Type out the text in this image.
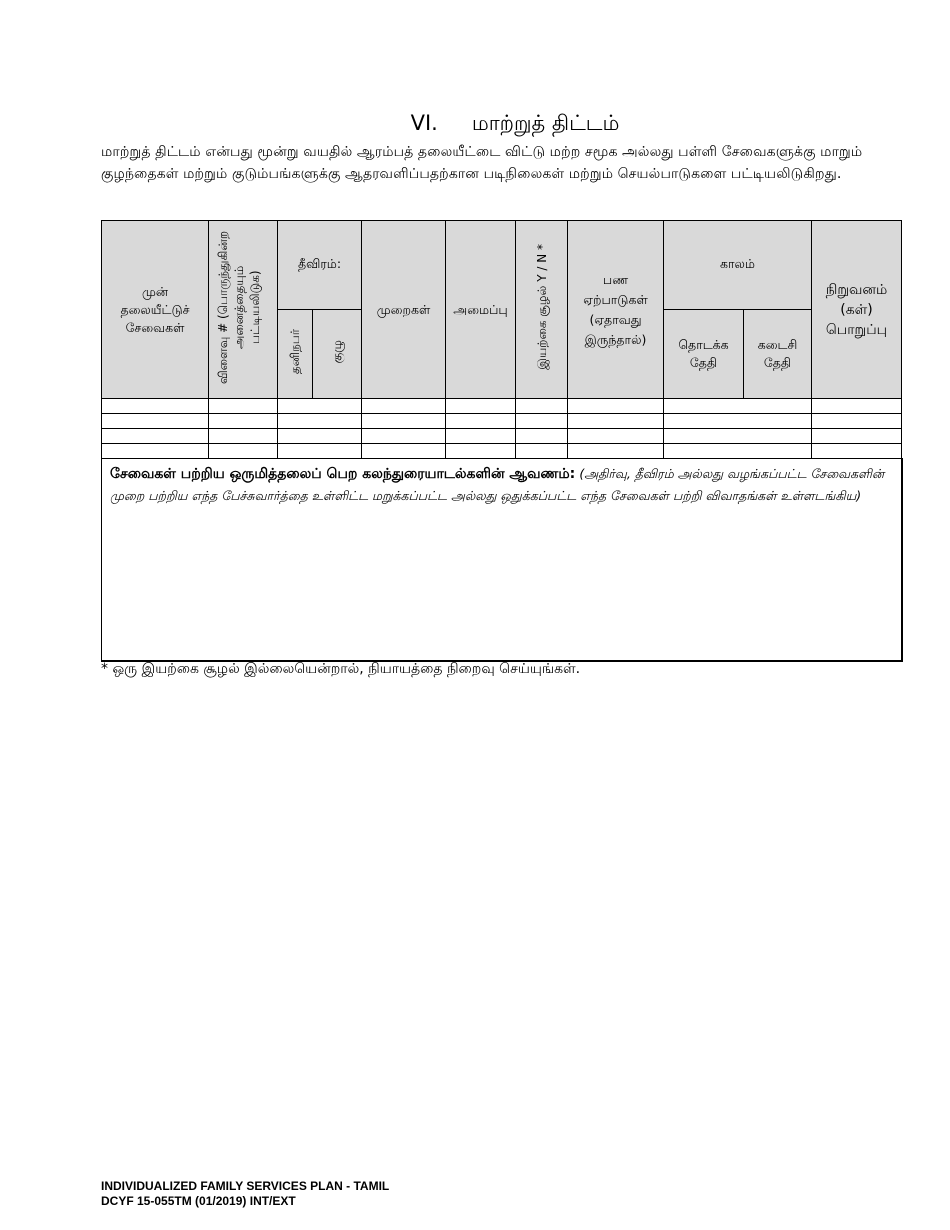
VI. மாற்றுத் திட்டம்
மாற்றுத் திட்டம் என்பது மூன்று வயதில் ஆரம்பத் தலையீட்டை விட்டு மற்ற சமூக அல்லது பள்ளி சேவைகளுக்கு மாறும் குழந்தைகள் மற்றும் குடும்பங்களுக்கு ஆதரவளிப்பதற்கான படிநிலைகள் மற்றும் செயல்பாடுகளை பட்டியலிடுகிறது.
முன் தலையீட்டுச் சேவைகள்	விளைவு # (பொருந்துகின்ற அனைத்தையும் பட்டியலிடுக)	தீவிரம்:		முறைகள்	அமைப்பு	இயற்கை சூழல் Y / N *	பண ஏற்பாடுகள் (ஏதாவது இருந்தால்)	காலம்		நிறுவனம் (கள்) பொறுப்பு
		தனிநபர்	குழு					தொடக்க தேதி	கடைசி தேதி	

சேவைகள் பற்றிய ஒருமித்தலைப் பெற கலந்துரையாடல்களின் ஆவணம்: (அதிர்வு, தீவிரம் அல்லது வழங்கப்பட்ட சேவைகளின் முறை பற்றிய எந்த பேச்சுவார்த்தை உள்ளிட்ட மறுக்கப்பட்ட அல்லது ஒதுக்கப்பட்ட எந்த சேவைகள் பற்றி விவாதங்கள் உள்ளடங்கிய)										
* ஒரு இயற்கை சூழல் இல்லையென்றால், நியாயத்தை நிறைவு செய்யுங்கள்.
INDIVIDUALIZED FAMILY SERVICES PLAN - TAMIL
DCYF 15-055TM (01/2019) INT/EXT
